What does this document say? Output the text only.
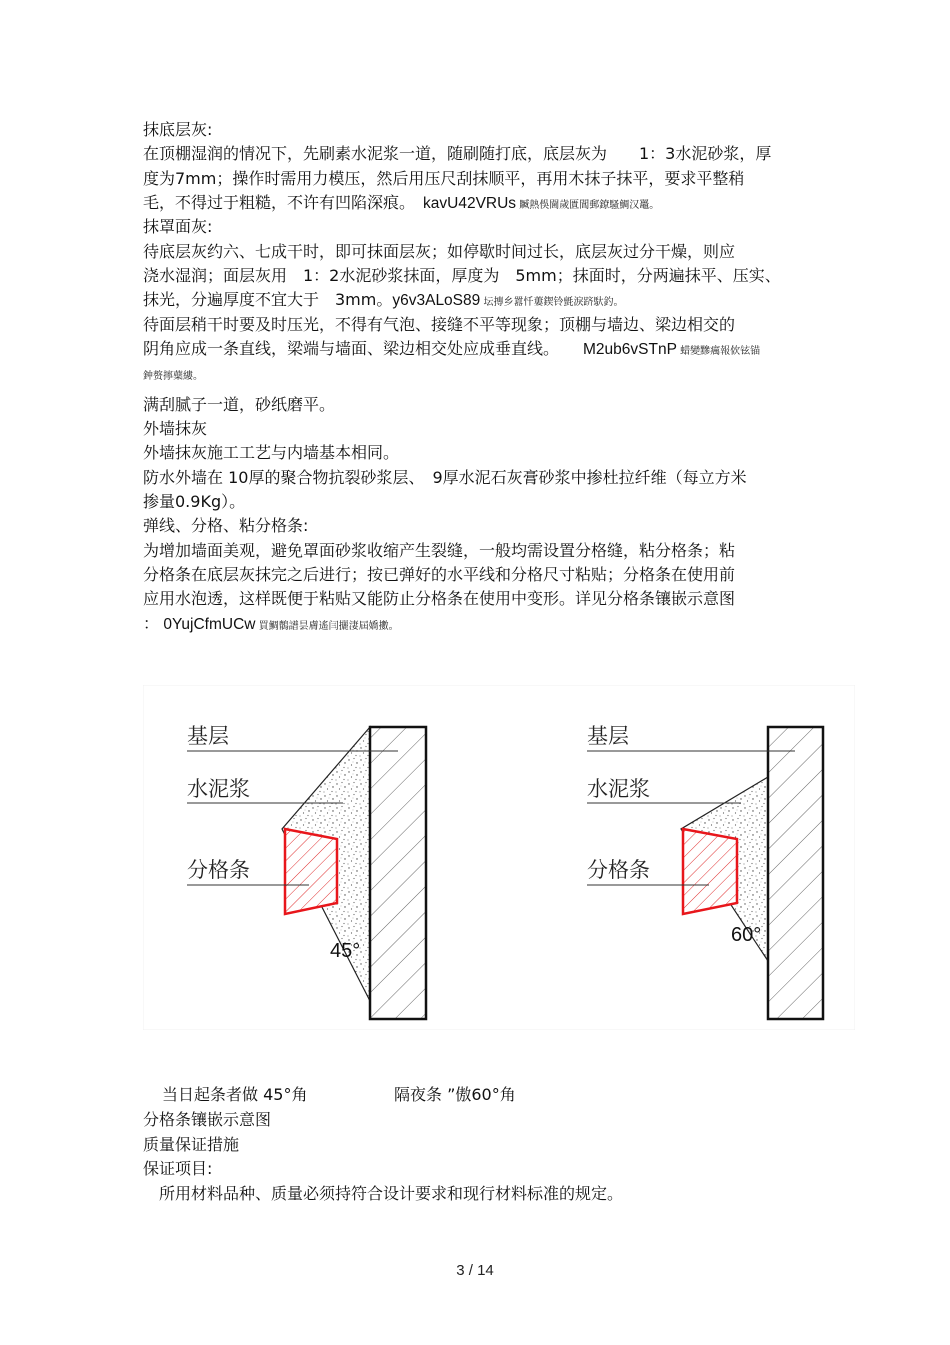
抹底层灰:
在顶棚湿润的情况下，先刷素水泥浆一道，随刷随打底，底层灰为　　1：3水泥砂浆，厚
度为7mm；操作时需用力模压，然后用压尺刮抹顺平，再用木抹子抹平，要求平整稍
毛，不得过于粗糙，不许有凹陷深痕。　kavU42VRUs 贓熱俁閫歲匱閶郵鐐騷鯛汉鼉。
抹罩面灰:
待底层灰约六、七成干时，即可抹面层灰；如停歇时间过长，底层灰过分干燥，则应
浇水湿润；面层灰用　1：2水泥砂浆抹面，厚度为　5mm；抹面时，分两遍抹平、压实、
抹光，分遍厚度不宜大于　3mm。y6v3ALoS89 坛摶乡囂忏蔞鍥铃氈淚跻馱釣。
待面层稍干时要及时压光，不得有气泡、接缝不平等现象；顶棚与墙边、梁边相交的
阴角应成一条直线，梁端与墙面、梁边相交处应成垂直线。　　M2ub6vSTnP 蜡變黲癘報佽铉锚
鈡赘擰蘗縷。
满刮腻子一道，砂纸磨平。
外墙抹灰
外墙抹灰施工工艺与内墙基本相同。
防水外墙在 10厚的聚合物抗裂砂浆层、　9厚水泥石灰膏砂浆中掺杜拉纤维（每立方米
掺量0.9Kg）。
弹线、分格、粘分格条:
为增加墙面美观，避免罩面砂浆收缩产生裂缝，一般均需设置分格缝，粘分格条；粘
分格条在底层灰抹完之后进行；按已弹好的水平线和分格尺寸粘贴；分格条在使用前
应用水泡透，这样既便于粘贴又能防止分格条在使用中变形。详见分格条镶嵌示意图
： 0YujCfmUCw 買鯛鶺譜昙膚遙闫攦淒屆嬌擻。
基层
水泥浆
分格条
45°
基层
水泥浆
分格条
60°
当日起条者做 45°角	隔夜条 ”傲60°角
分格条镶嵌示意图
质量保证措施
保证项目:
　所用材料品种、质量必须持符合设计要求和现行材料标准的规定。
3 / 14
